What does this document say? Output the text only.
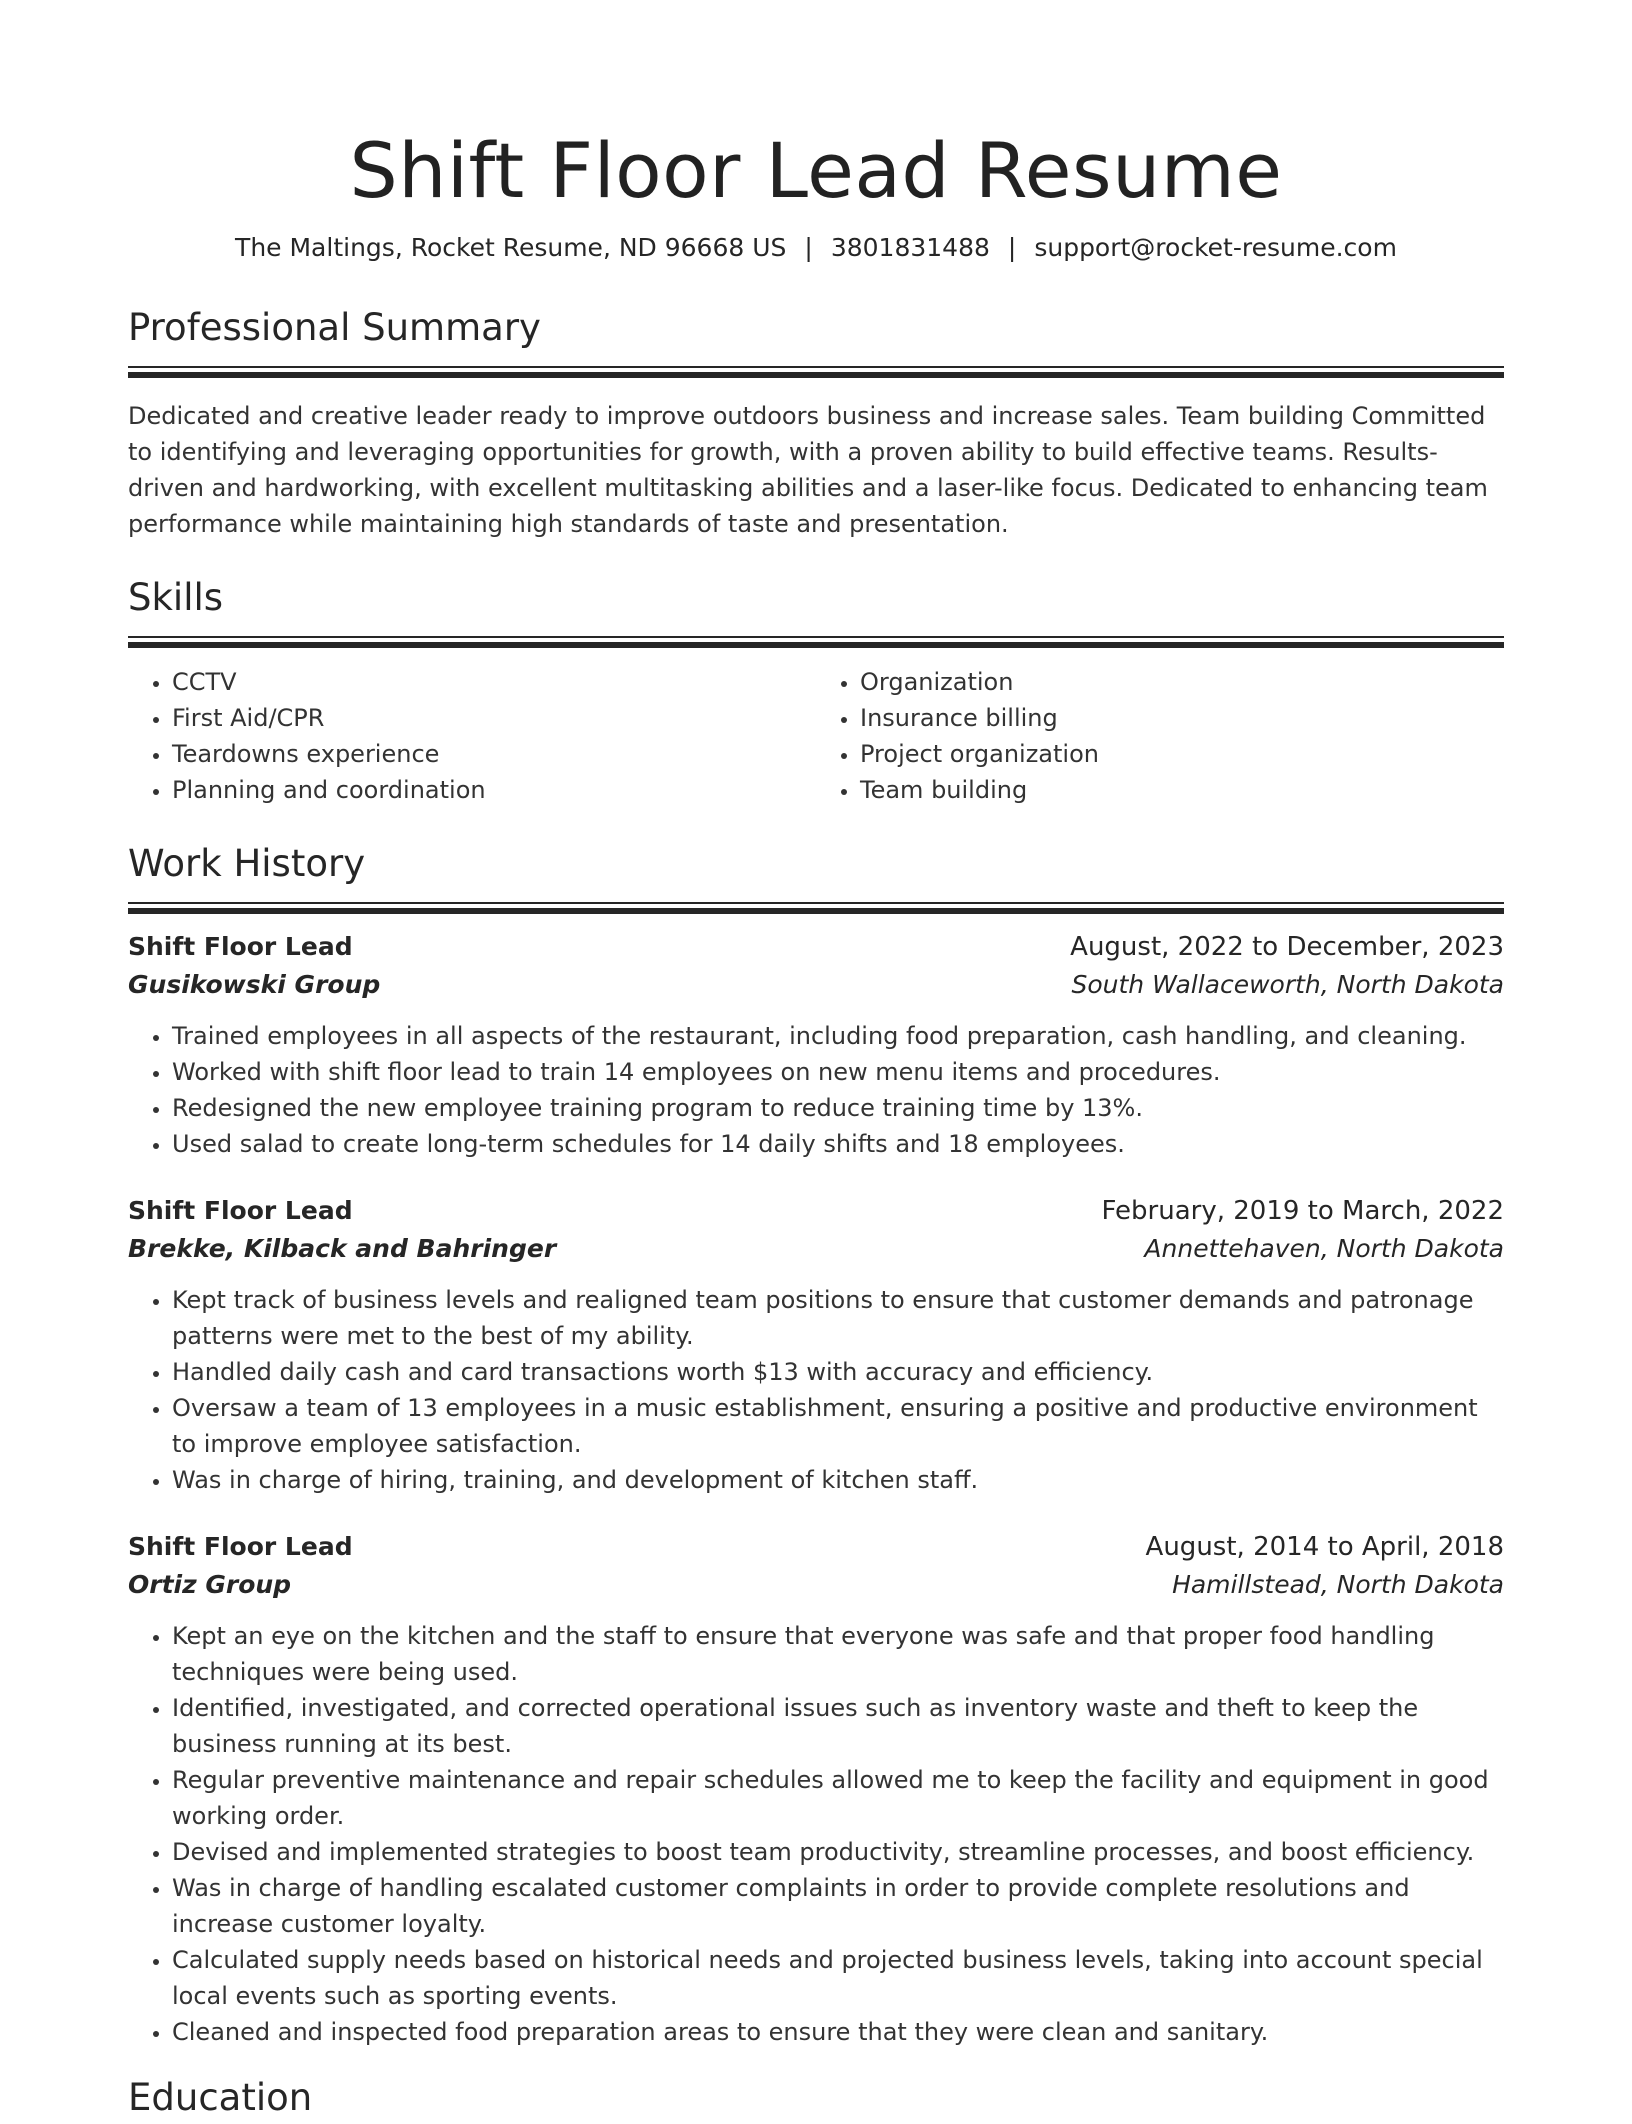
Shift Floor Lead Resume
The Maltings, Rocket Resume, ND 96668 US | 3801831488 | support@rocket-resume.com
Professional Summary

Dedicated and creative leader ready to improve outdoors business and increase sales. Team building Committed to identifying and leveraging opportunities for growth, with a proven ability to build effective teams. Results-driven and hardworking, with excellent multitasking abilities and a laser-like focus. Dedicated to enhancing team performance while maintaining high standards of taste and presentation.

Skills
• CCTV
• First Aid/CPR
• Teardowns experience
• Planning and coordination
• Organization
• Insurance billing
• Project organization
• Team building
Work History
Shift Floor Lead	August, 2022 to December, 2023
Gusikowski Group	South Wallaceworth, North Dakota
• Trained employees in all aspects of the restaurant, including food preparation, cash handling, and cleaning.
• Worked with shift floor lead to train 14 employees on new menu items and procedures.
• Redesigned the new employee training program to reduce training time by 13%.
• Used salad to create long-term schedules for 14 daily shifts and 18 employees.
Shift Floor Lead	February, 2019 to March, 2022
Brekke, Kilback and Bahringer	Annettehaven, North Dakota
• Kept track of business levels and realigned team positions to ensure that customer demands and patronage patterns were met to the best of my ability.
• Handled daily cash and card transactions worth $13 with accuracy and efficiency.
• Oversaw a team of 13 employees in a music establishment, ensuring a positive and productive environment to improve employee satisfaction.
• Was in charge of hiring, training, and development of kitchen staff.
Shift Floor Lead	August, 2014 to April, 2018
Ortiz Group	Hamillstead, North Dakota
• Kept an eye on the kitchen and the staff to ensure that everyone was safe and that proper food handling techniques were being used.
• Identified, investigated, and corrected operational issues such as inventory waste and theft to keep the business running at its best.
• Regular preventive maintenance and repair schedules allowed me to keep the facility and equipment in good working order.
• Devised and implemented strategies to boost team productivity, streamline processes, and boost efficiency.
• Was in charge of handling escalated customer complaints in order to provide complete resolutions and increase customer loyalty.
• Calculated supply needs based on historical needs and projected business levels, taking into account special local events such as sporting events.
• Cleaned and inspected food preparation areas to ensure that they were clean and sanitary.
Education
